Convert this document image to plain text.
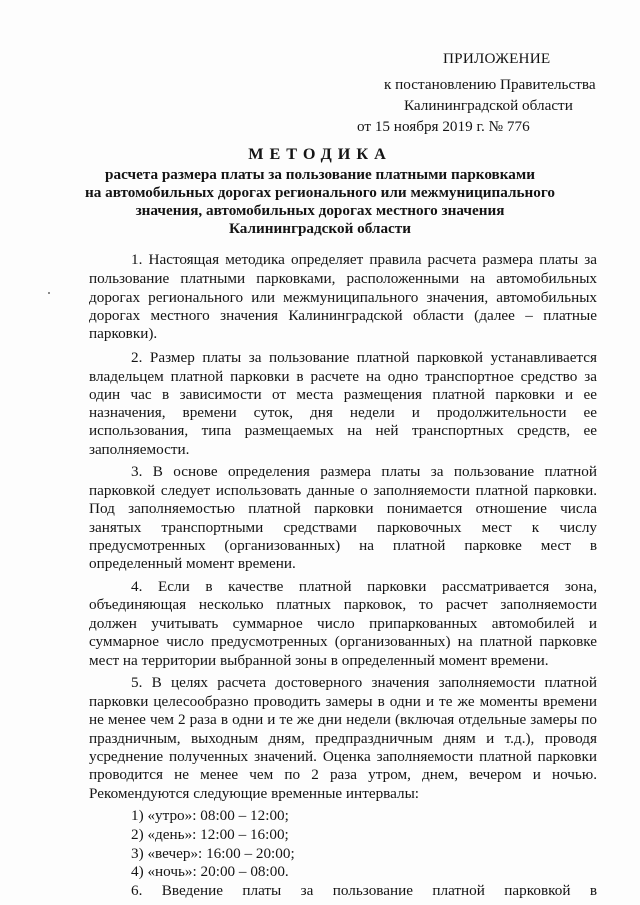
ПРИЛОЖЕНИЕ
к постановлению Правительства
Калининградской области
от 15 ноября 2019 г. № 776
МЕТОДИКА
расчета размера платы за пользование платными парковками
на автомобильных дорогах регионального или межмуниципального
значения, автомобильных дорогах местного значения
Калининградской области
1. Настоящая методика определяет правила расчета размера платы за
пользование платными парковками, расположенными на автомобильных
дорогах регионального или межмуниципального значения, автомобильных
дорогах местного значения Калининградской области (далее – платные
парковки).
2. Размер платы за пользование платной парковкой устанавливается
владельцем платной парковки в расчете на одно транспортное средство за
один час в зависимости от места размещения платной парковки и ее
назначения, времени суток, дня недели и продолжительности ее
использования, типа размещаемых на ней транспортных средств, ее
заполняемости.
3. В основе определения размера платы за пользование платной
парковкой следует использовать данные о заполняемости платной парковки.
Под заполняемостью платной парковки понимается отношение числа
занятых транспортными средствами парковочных мест к числу
предусмотренных (организованных) на платной парковке мест в
определенный момент времени.
4. Если в качестве платной парковки рассматривается зона,
объединяющая несколько платных парковок, то расчет заполняемости
должен учитывать суммарное число припаркованных автомобилей и
суммарное число предусмотренных (организованных) на платной парковке
мест на территории выбранной зоны в определенный момент времени.
5. В целях расчета достоверного значения заполняемости платной
парковки целесообразно проводить замеры в одни и те же моменты времени
не менее чем 2 раза в одни и те же дни недели (включая отдельные замеры по
праздничным, выходным дням, предпраздничным дням и т.д.), проводя
усреднение полученных значений. Оценка заполняемости платной парковки
проводится не менее чем по 2 раза утром, днем, вечером и ночью.
Рекомендуются следующие временные интервалы:
1) «утро»: 08:00 – 12:00;
2) «день»: 12:00 – 16:00;
3) «вечер»: 16:00 – 20:00;
4) «ночь»: 20:00 – 08:00.
6. Введение платы за пользование платной парковкой в
